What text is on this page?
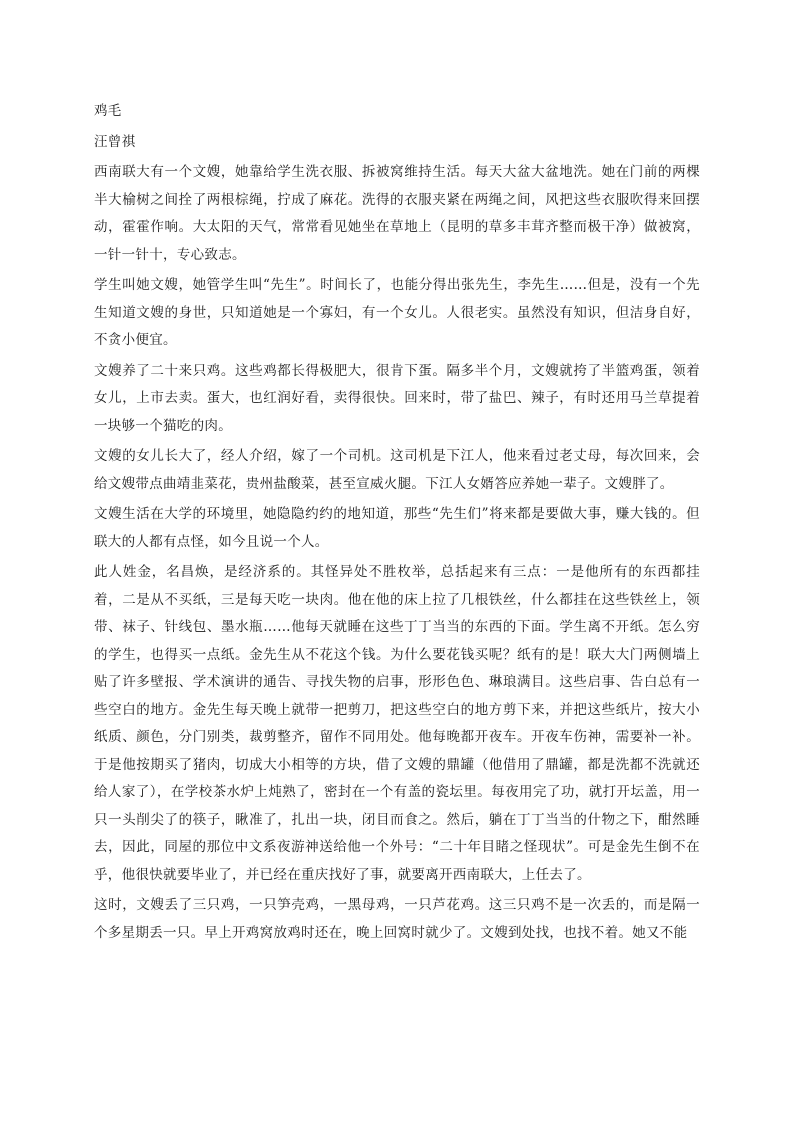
鸡毛

汪曾祺

西南联大有一个文嫂，她靠给学生洗衣服、拆被窝维持生活。每天大盆大盆地洗。她在门前的两棵半大榆树之间拴了两根棕绳，拧成了麻花。洗得的衣服夹紧在两绳之间，风把这些衣服吹得来回摆动，霍霍作响。大太阳的天气，常常看见她坐在草地上（昆明的草多丰茸齐整而极干净）做被窝，一针一针十，专心致志。

学生叫她文嫂，她管学生叫“先生”。时间长了，也能分得出张先生，李先生……但是，没有一个先生知道文嫂的身世，只知道她是一个寡妇，有一个女儿。人很老实。虽然没有知识，但洁身自好，不贪小便宜。

文嫂养了二十来只鸡。这些鸡都长得极肥大，很肯下蛋。隔多半个月，文嫂就挎了半篮鸡蛋，领着女儿，上市去卖。蛋大，也红润好看，卖得很快。回来时，带了盐巴、辣子，有时还用马兰草提着一块够一个猫吃的肉。

文嫂的女儿长大了，经人介绍，嫁了一个司机。这司机是下江人，他来看过老丈母，每次回来，会给文嫂带点曲靖韭菜花，贵州盐酸菜，甚至宣威火腿。下江人女婿答应养她一辈子。文嫂胖了。

文嫂生活在大学的环境里，她隐隐约约的地知道，那些“先生们”将来都是要做大事，赚大钱的。但联大的人都有点怪，如今且说一个人。

此人姓金，名昌焕，是经济系的。其怪异处不胜枚举，总括起来有三点：一是他所有的东西都挂着，二是从不买纸，三是每天吃一块肉。他在他的床上拉了几根铁丝，什么都挂在这些铁丝上，领带、袜子、针线包、墨水瓶……他每天就睡在这些丁丁当当的东西的下面。学生离不开纸。怎么穷的学生，也得买一点纸。金先生从不花这个钱。为什么要花钱买呢？纸有的是！联大大门两侧墙上贴了许多壁报、学术演讲的通告、寻找失物的启事，形形色色、琳琅满目。这些启事、告白总有一些空白的地方。金先生每天晚上就带一把剪刀，把这些空白的地方剪下来，并把这些纸片，按大小纸质、颜色，分门别类，裁剪整齐，留作不同用处。他每晚都开夜车。开夜车伤神，需要补一补。于是他按期买了猪肉，切成大小相等的方块，借了文嫂的鼎罐（他借用了鼎罐，都是洗都不洗就还给人家了），在学校茶水炉上炖熟了，密封在一个有盖的瓷坛里。每夜用完了功，就打开坛盖，用一只一头削尖了的筷子，瞅准了，扎出一块，闭目而食之。然后，躺在丁丁当当的什物之下，酣然睡去，因此，同屋的那位中文系夜游神送给他一个外号：“二十年目睹之怪现状”。可是金先生倒不在乎，他很快就要毕业了，并已经在重庆找好了事，就要离开西南联大，上任去了。

这时，文嫂丢了三只鸡，一只笋壳鸡，一黑母鸡，一只芦花鸡。这三只鸡不是一次丢的，而是隔一个多星期丢一只。早上开鸡窝放鸡时还在，晚上回窝时就少了。文嫂到处找，也找不着。她又不能
